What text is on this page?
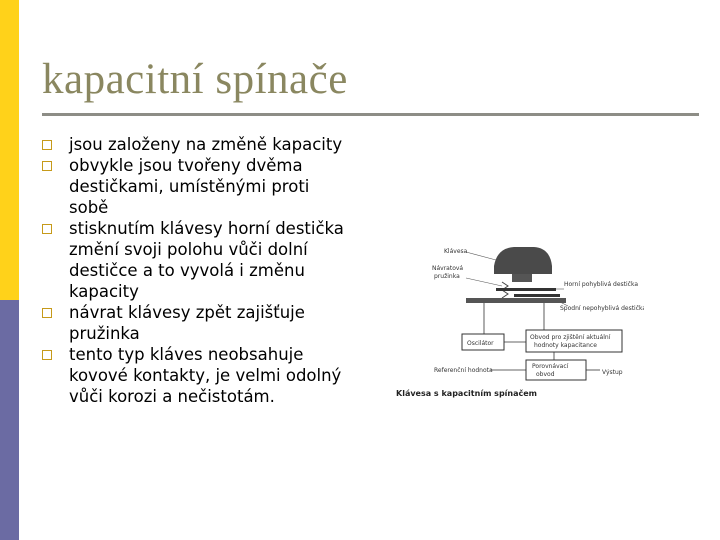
kapacitní spínače
jsou založeny na změně kapacity
obvykle jsou tvořeny dvěma destičkami, umístěnými proti sobě
stisknutím klávesy horní destička změní svoji polohu vůči dolní destičce a to vyvolá i změnu kapacity
návrat klávesy zpět zajišťuje pružinka
tento typ kláves neobsahuje kovové kontakty, je velmi odolný vůči korozi a nečistotám.
Klávesa
Návratová
pružinka
Horní pohyblivá destička
Spodní nepohyblivá destička
Oscilátor
Obvod pro zjištění aktuální
hodnoty kapacitance
Porovnávací
obvod
Referenční hodnota	Výstup
Klávesa s kapacitním spínačem
